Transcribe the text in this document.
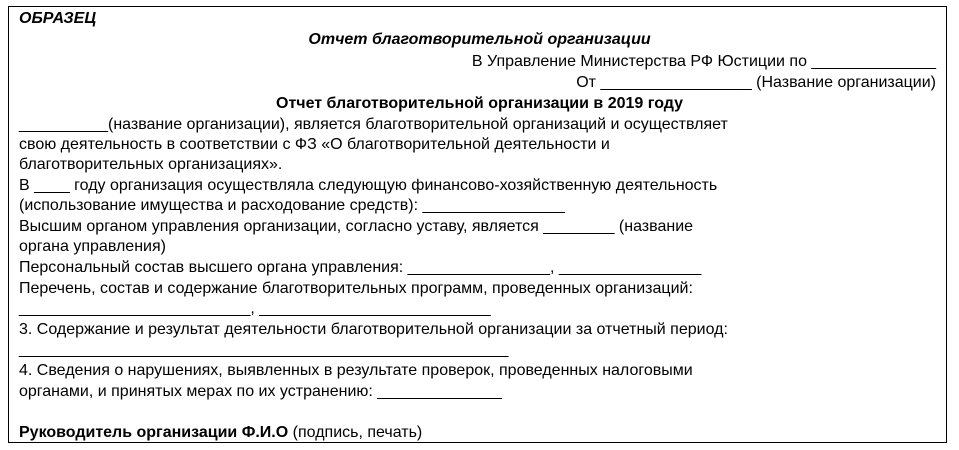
ОБРАЗЕЦ
Отчет благотворительной организации
В Управление Министерства РФ Юстиции по ______________
От _________________ (Название организации)
Отчет благотворительной организации в 2019 году
__________(название организации), является благотворительной организаций и осуществляет
свою деятельность в соответствии с ФЗ «О благотворительной деятельности и
благотворительных организациях».
В ____ году организация осуществляла следующую финансово-хозяйственную деятельность
(использование имущества и расходование средств): ________________
Высшим органом управления организации, согласно уставу, является ________ (название
органа управления)
Персональный состав высшего органа управления: ________________, ________________
Перечень, состав и содержание благотворительных программ, проведенных организаций:
__________________________, __________________________
3. Содержание и результат деятельности благотворительной организации за отчетный период:
_______________________________________________________
4. Сведения о нарушениях, выявленных в результате проверок, проведенных налоговыми
органами, и принятых мерах по их устранению: ______________
Руководитель организации Ф.И.О (подпись, печать)
